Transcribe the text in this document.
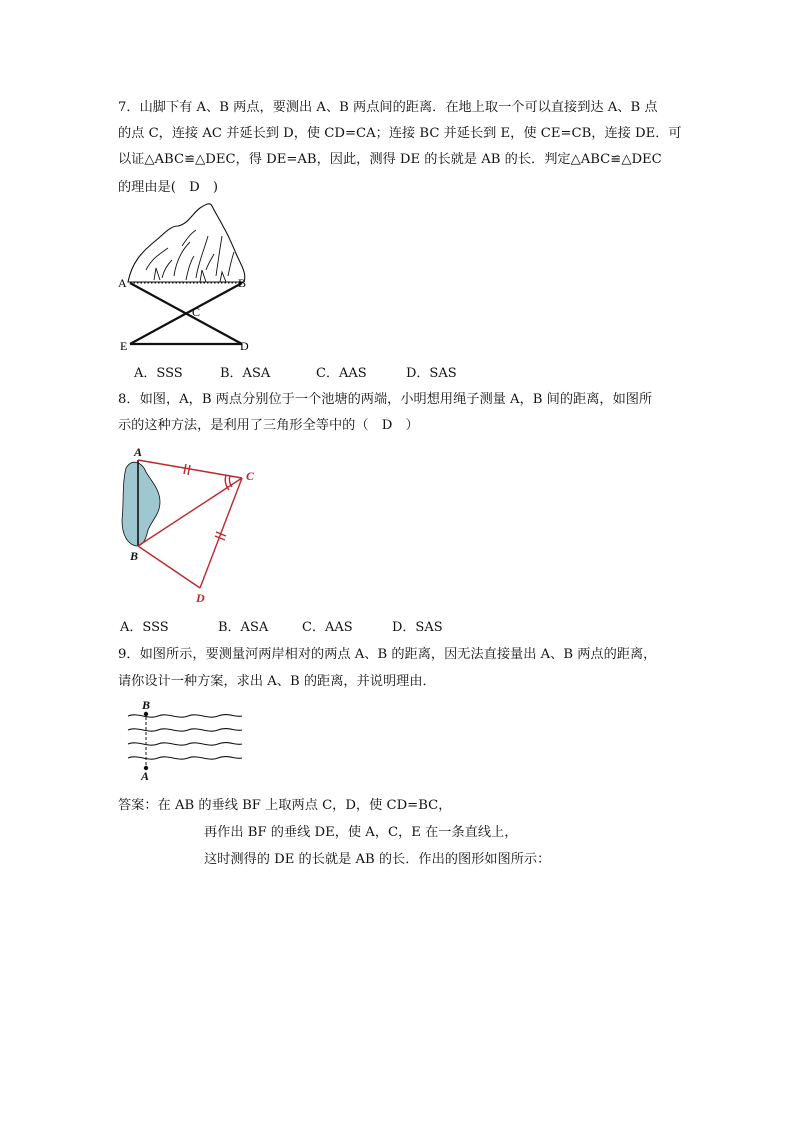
7．山脚下有 A、B 两点，要测出 A、B 两点间的距离．在地上取一个可以直接到达 A、B 点
的点 C，连接 AC 并延长到 D，使 CD=CA；连接 BC 并延长到 E，使 CE=CB，连接 DE．可
以证△ABC≌△DEC，得 DE=AB，因此，测得 DE 的长就是 AB 的长．判定△ABC≌△DEC
的理由是(　D　)
A	B
C
E	D
A．SSS	B．ASA	C．AAS	D．SAS
8．如图，A，B 两点分别位于一个池塘的两端，小明想用绳子测量 A，B 间的距离，如图所
示的这种方法，是利用了三角形全等中的（　D　）
A
B
C
D
A．SSS	B．ASA	C．AAS	D．SAS
9．如图所示，要测量河两岸相对的两点 A、B 的距离，因无法直接量出 A、B 两点的距离，
请你设计一种方案，求出 A、B 的距离，并说明理由．
B
A
答案：在 AB 的垂线 BF 上取两点 C，D，使 CD=BC，
再作出 BF 的垂线 DE，使 A，C，E 在一条直线上，
这时测得的 DE 的长就是 AB 的长．作出的图形如图所示：
